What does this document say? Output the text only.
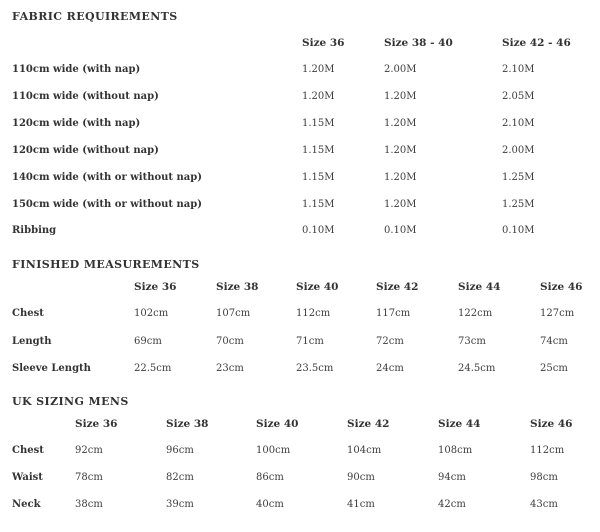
FABRIC REQUIREMENTS
Size 36	Size 38 - 40	Size 42 - 46
110cm wide (with nap)	1.20M	2.00M	2.10M
110cm wide (without nap)	1.20M	1.20M	2.05M
120cm wide (with nap)	1.15M	1.20M	2.10M
120cm wide (without nap)	1.15M	1.20M	2.00M
140cm wide (with or without nap)	1.15M	1.20M	1.25M
150cm wide (with or without nap)	1.15M	1.20M	1.25M
Ribbing	0.10M	0.10M	0.10M
FINISHED MEASUREMENTS
Size 36	Size 38	Size 40	Size 42	Size 44	Size 46
Chest	102cm	107cm	112cm	117cm	122cm	127cm
Length	69cm	70cm	71cm	72cm	73cm	74cm
Sleeve Length	22.5cm	23cm	23.5cm	24cm	24.5cm	25cm
UK SIZING MENS
Size 36	Size 38	Size 40	Size 42	Size 44	Size 46
Chest	92cm	96cm	100cm	104cm	108cm	112cm
Waist	78cm	82cm	86cm	90cm	94cm	98cm
Neck	38cm	39cm	40cm	41cm	42cm	43cm
